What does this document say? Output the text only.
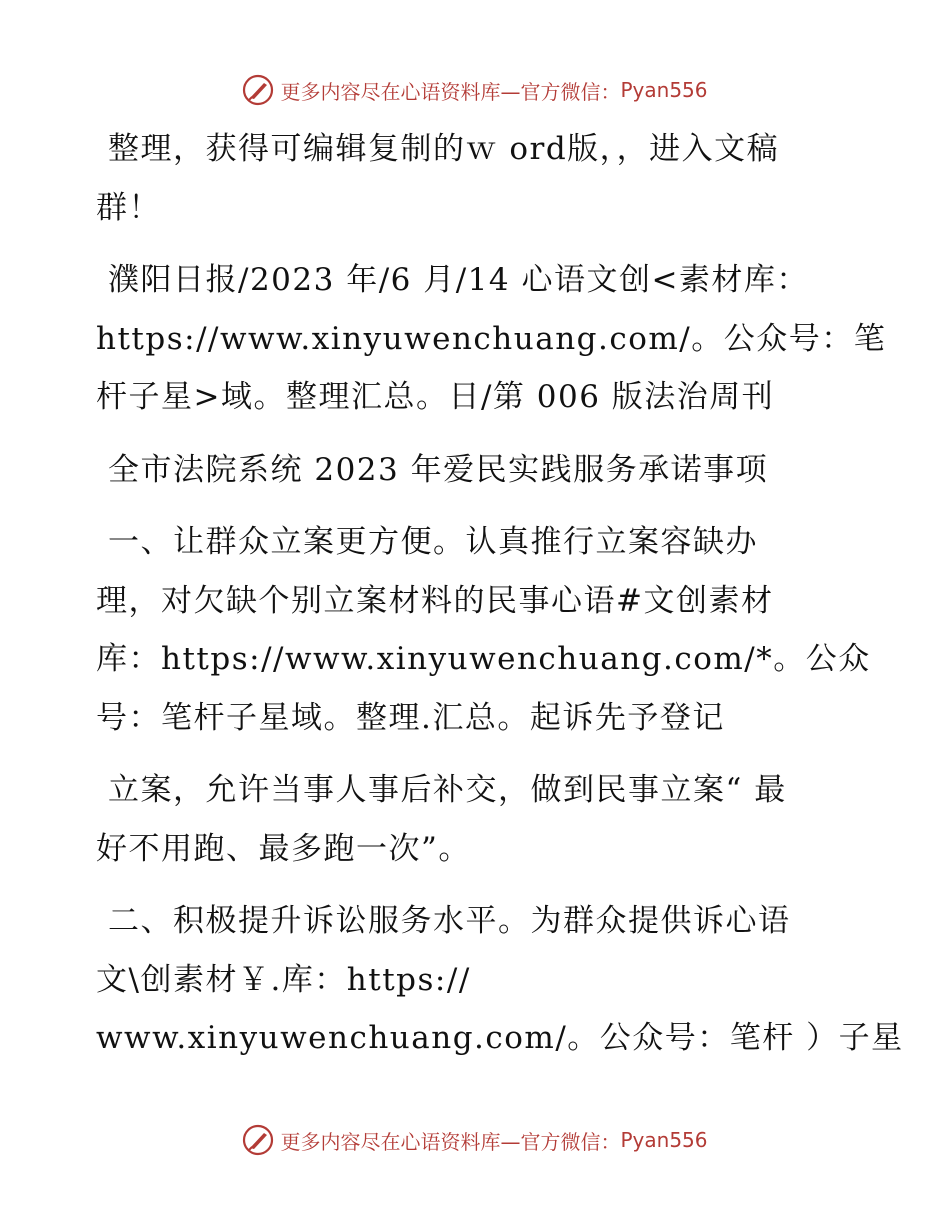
更多内容尽在心语资料库—官方微信： Pyan556
整理，获得可编辑复制的ｗ ord版，，进入文稿
群！
濮阳日报/2023 年/6 月/14 心语文创<素材库：
https://www.xinyuwenchuang.com/。公众号：笔
杆子星>域。整理汇总。日/第 006 版法治周刊
全市法院系统 2023 年爱民实践服务承诺事项
一、让群众立案更方便。认真推行立案容缺办
理，对欠缺个别立案材料的民事心语#文创素材
库：https://www.xinyuwenchuang.com/*。公众
号：笔杆子星域。整理.汇总。起诉先予登记
立案，允许当事人事后补交，做到民事立案“ 最
好不用跑、最多跑一次”。
二、积极提升诉讼服务水平。为群众提供诉心语
文\创素材￥.库：https://
www.xinyuwenchuang.com/。公众号：笔杆 ）子星
更多内容尽在心语资料库—官方微信： Pyan556
